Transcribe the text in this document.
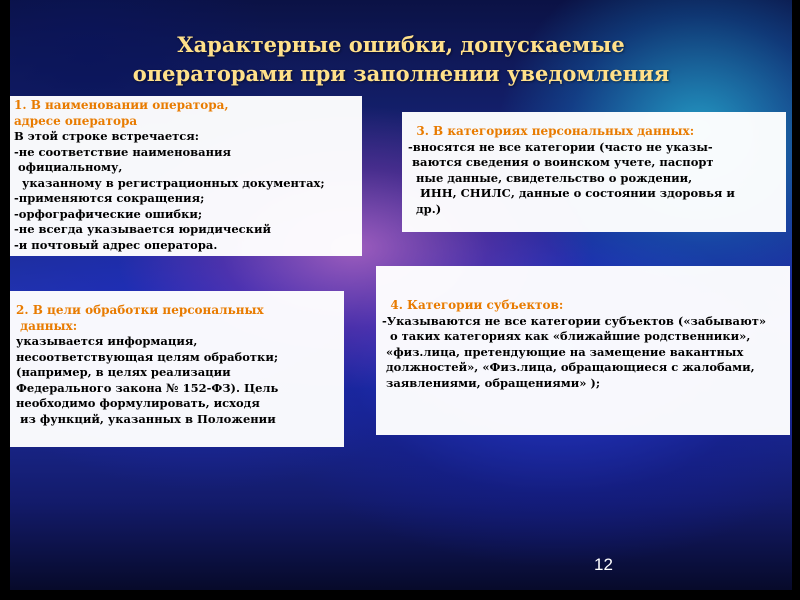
Характерные ошибки, допускаемые
операторами при заполнении уведомления
1. В наименовании оператора,
адресе оператора
В этой строке встречается:
-не соответствие наименования
официальному,
указанному в регистрационных документах;
-применяются сокращения;
-орфографические ошибки;
-не всегда указывается юридический
-и почтовый адрес оператора.
2. В цели обработки персональных
данных:
указывается информация,
несоответствующая целям обработки;
(например, в целях реализации
Федерального закона № 152-ФЗ). Цель
необходимо формулировать, исходя
из функций, указанных в Положении
3. В категориях персональных данных:
-вносятся не все категории (часто не указы-
ваются сведения о воинском учете, паспорт
ные данные, свидетельство о рождении,
ИНН, СНИЛС, данные о состоянии здоровья и
др.)
4. Категории субъектов:
-Указываются не все категории субъектов («забывают»
о таких категориях как «ближайшие родственники»,
«физ.лица, претендующие на замещение вакантных
должностей», «Физ.лица, обращающиеся с жалобами,
заявлениями, обращениями» );
12
